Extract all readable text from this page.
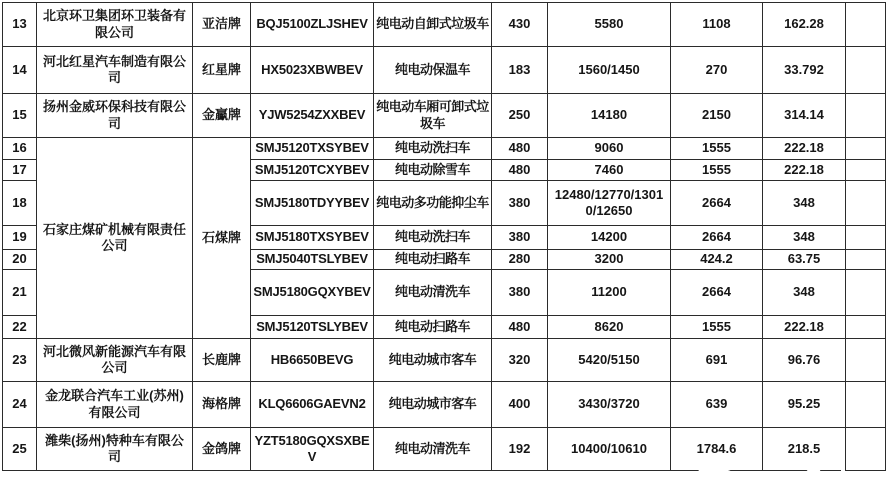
13	北京环卫集团环卫装备有限公司	亚洁牌	BQJ5100ZLJSHEV	纯电动自卸式垃圾车	430	5580	1108	162.28	
14	河北红星汽车制造有限公司	红星牌	HX5023XBWBEV	纯电动保温车	183	1560/1450	270	33.792	
15	扬州金威环保科技有限公司	金鸁牌	YJW5254ZXXBEV	纯电动车厢可卸式垃圾车	250	14180	2150	314.14	
16	石家庄煤矿机械有限责任公司	石煤牌	SMJ5120TXSYBEV	纯电动洗扫车	480	9060	1555	222.18	
17			SMJ5120TCXYBEV	纯电动除雪车	480	7460	1555	222.18	
18			SMJ5180TDYYBEV	纯电动多功能抑尘车	380	12480/12770/13010/12650	2664	348	
19			SMJ5180TXSYBEV	纯电动洗扫车	380	14200	2664	348	
20			SMJ5040TSLYBEV	纯电动扫路车	280	3200	424.2	63.75	
21			SMJ5180GQXYBEV	纯电动清洗车	380	11200	2664	348	
22			SMJ5120TSLYBEV	纯电动扫路车	480	8620	1555	222.18	
23	河北微风新能源汽车有限公司	长鹿牌	HB6650BEVG	纯电动城市客车	320	5420/5150	691	96.76	
24	金龙联合汽车工业(苏州)有限公司	海格牌	KLQ6606GAEVN2	纯电动城市客车	400	3430/3720	639	95.25	
25	潍柴(扬州)特种车有限公司	金鸽牌	YZT5180GQXSXBEV	纯电动清洗车	192	10400/10610	1784.6	218.5	
